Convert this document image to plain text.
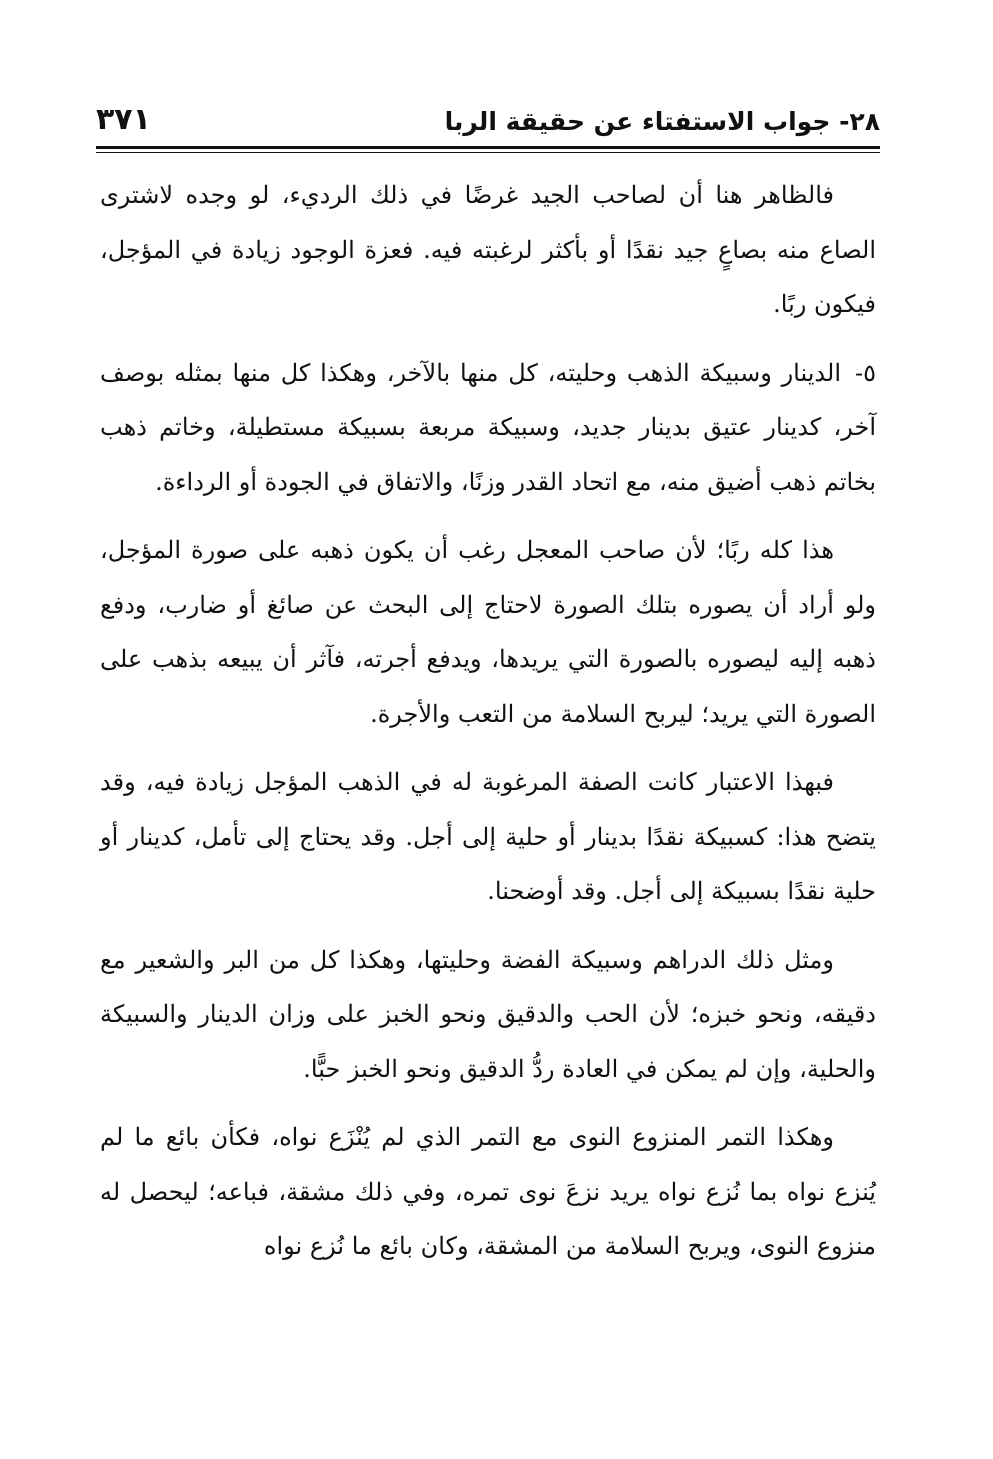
٢٨- جواب الاستفتاء عن حقيقة الربا
٣٧١

فالظاهر هنا أن لصاحب الجيد غرضًا في ذلك الرديء، لو وجده لاشترى الصاع منه بصاعٍ جيد نقدًا أو بأكثر لرغبته فيه. فعزة الوجود زيادة في المؤجل، فيكون ربًا.

٥-الدينار وسبيكة الذهب وحليته، كل منها بالآخر، وهكذا كل منها بمثله بوصف آخر، كدينار عتيق بدينار جديد، وسبيكة مربعة بسبيكة مستطيلة، وخاتم ذهب بخاتم ذهب أضيق منه، مع اتحاد القدر وزنًا، والاتفاق في الجودة أو الرداءة.

هذا كله ربًا؛ لأن صاحب المعجل رغب أن يكون ذهبه على صورة المؤجل، ولو أراد أن يصوره بتلك الصورة لاحتاج إلى البحث عن صائغ أو ضارب، ودفع ذهبه إليه ليصوره بالصورة التي يريدها، ويدفع أجرته، فآثر أن يبيعه بذهب على الصورة التي يريد؛ ليربح السلامة من التعب والأجرة.

فبهذا الاعتبار كانت الصفة المرغوبة له في الذهب المؤجل زيادة فيه، وقد يتضح هذا: كسبيكة نقدًا بدينار أو حلية إلى أجل. وقد يحتاج إلى تأمل، كدينار أو حلية نقدًا بسبيكة إلى أجل. وقد أوضحنا.

ومثل ذلك الدراهم وسبيكة الفضة وحليتها، وهكذا كل من البر والشعير مع دقيقه، ونحو خبزه؛ لأن الحب والدقيق ونحو الخبز على وزان الدينار والسبيكة والحلية، وإن لم يمكن في العادة ردُّ الدقيق ونحو الخبز حبًّا.

وهكذا التمر المنزوع النوى مع التمر الذي لم يُنْزَع نواه، فكأن بائع ما لم يُنزع نواه بما نُزع نواه يريد نزعَ نوى تمره، وفي ذلك مشقة، فباعه؛ ليحصل له منزوع النوى، ويربح السلامة من المشقة، وكان بائع ما نُزع نواه
